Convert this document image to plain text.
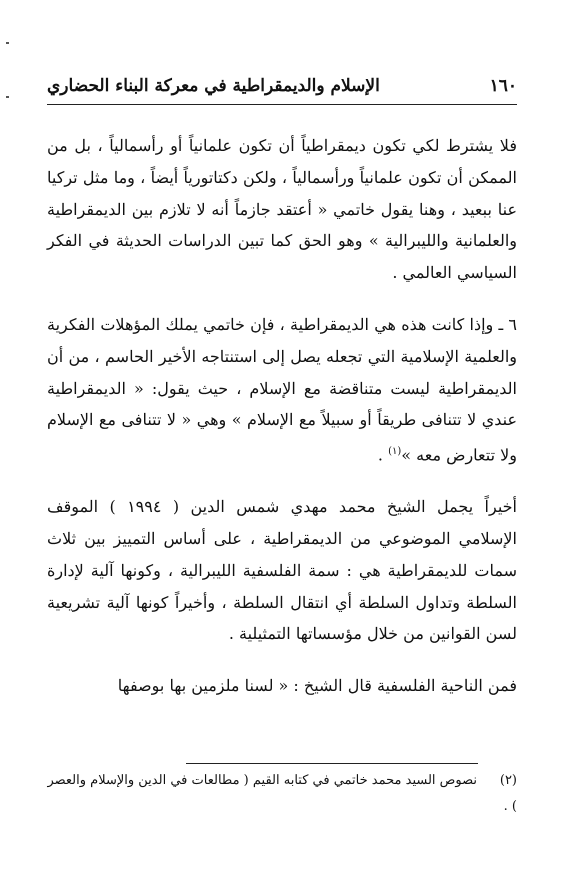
١٦٠
الإسلام والديمقراطية في معركة البناء الحضاري

فلا يشترط لكي تكون ديمقراطياً أن تكون علمانياً أو رأسمالياً ، بل من الممكن أن تكون علمانياً ورأسمالياً ، ولكن دكتاتورياً أيضاً ، وما مثل تركيا عنا ببعيد ، وهنا يقول خاتمي « أعتقد جازماً أنه لا تلازم بين الديمقراطية والعلمانية والليبرالية » وهو الحق كما تبين الدراسات الحديثة في الفكر السياسي العالمي .

٦ ـ وإذا كانت هذه هي الديمقراطية ، فإن خاتمي يملك المؤهلات الفكرية والعلمية الإسلامية التي تجعله يصل إلى استنتاجه الأخير الحاسم ، من أن الديمقراطية ليست متناقضة مع الإسلام ، حيث يقول: « الديمقراطية عندي لا تتنافى طريقاً أو سبيلاً مع الإسلام » وهي « لا تتنافى مع الإسلام ولا تتعارض معه »$^{(١)}$ .

أخيراً يجمل الشيخ محمد مهدي شمس الدين ( ١٩٩٤ ) الموقف الإسلامي الموضوعي من الديمقراطية ، على أساس التمييز بين ثلاث سمات للديمقراطية هي : سمة الفلسفية الليبرالية ، وكونها آلية لإدارة السلطة وتداول السلطة أي انتقال السلطة ، وأخيراً كونها آلية تشريعية لسن القوانين من خلال مؤسساتها التمثيلية .

فمن الناحية الفلسفية قال الشيخ : « لسنا ملزمين بها بوصفها

(٢)نصوص السيد محمد خاتمي في كتابه القيم ( مطالعات في الدين والإسلام والعصر ) .
